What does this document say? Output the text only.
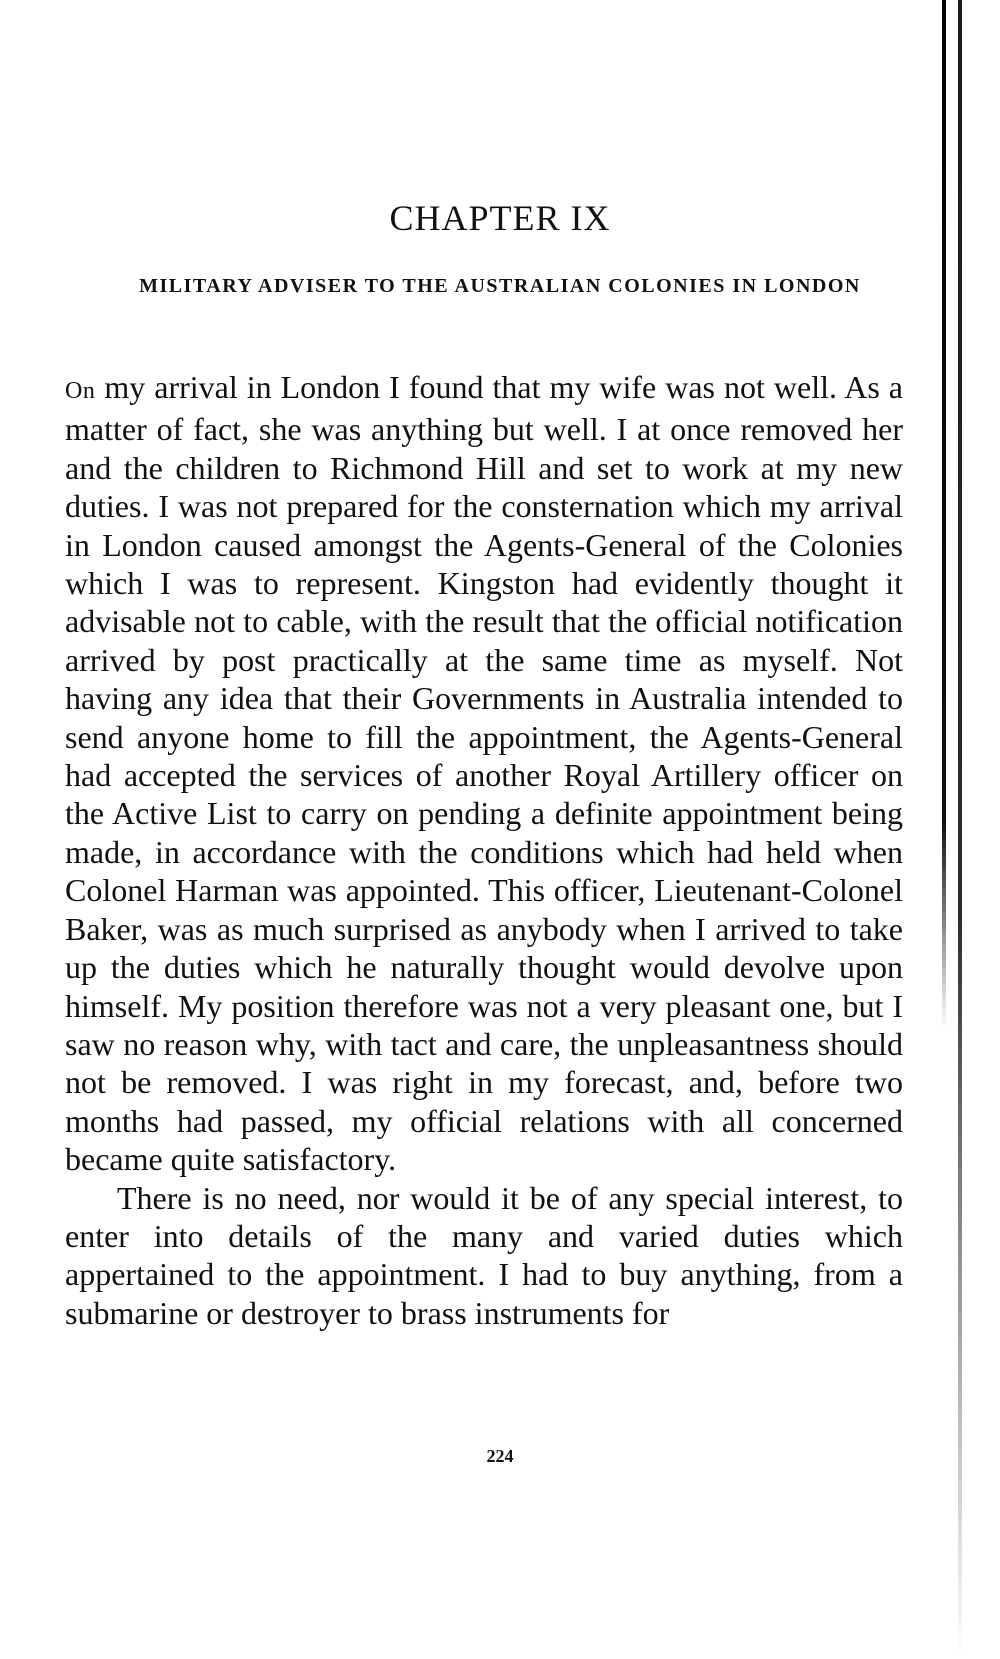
CHAPTER IX
MILITARY ADVISER TO THE AUSTRALIAN COLONIES IN LONDON

On my arrival in London I found that my wife was not well. As a matter of fact, she was anything but well. I at once removed her and the children to Richmond Hill and set to work at my new duties. I was not prepared for the consternation which my arrival in London caused amongst the Agents-General of the Colonies which I was to represent. Kingston had evidently thought it advisable not to cable, with the result that the official notification arrived by post practically at the same time as myself. Not having any idea that their Governments in Australia intended to send anyone home to fill the appointment, the Agents-General had accepted the services of another Royal Artillery officer on the Active List to carry on pending a definite appointment being made, in accordance with the conditions which had held when Colonel Harman was appointed. This officer, Lieutenant-Colonel Baker, was as much surprised as anybody when I arrived to take up the duties which he naturally thought would devolve upon himself. My position therefore was not a very pleasant one, but I saw no reason why, with tact and care, the unpleasantness should not be removed. I was right in my forecast, and, before two months had passed, my official relations with all concerned became quite satisfactory.

There is no need, nor would it be of any special interest, to enter into details of the many and varied duties which appertained to the appointment. I had to buy anything, from a submarine or destroyer to brass instruments for

224
